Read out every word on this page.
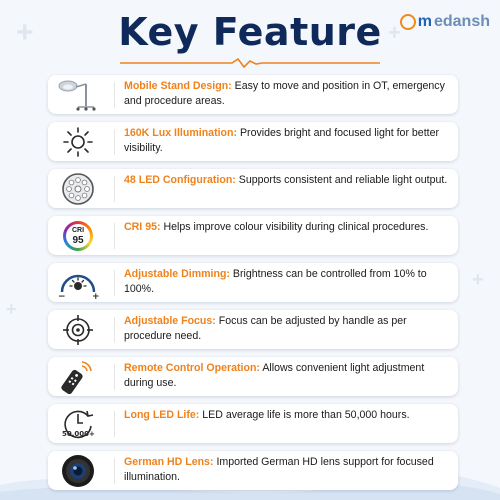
+	+
+
+
Key Feature	m edansh
Mobile Stand Design: Easy to move and position in OT, emergency and procedure areas.
160K Lux Illumination: Provides bright and focused light for better visibility.
48 LED Configuration: Supports consistent and reliable light output.
CRI
95
CRI 95: Helps improve colour visibility during clinical procedures.
−	+
Adjustable Dimming: Brightness can be controlled from 10% to 100%.
Adjustable Focus: Focus can be adjusted by handle as per procedure need.
Remote Control Operation: Allows convenient light adjustment during use.
50,000+
Long LED Life: LED average life is more than 50,000 hours.
German HD Lens: Imported German HD lens support for focused illumination.
